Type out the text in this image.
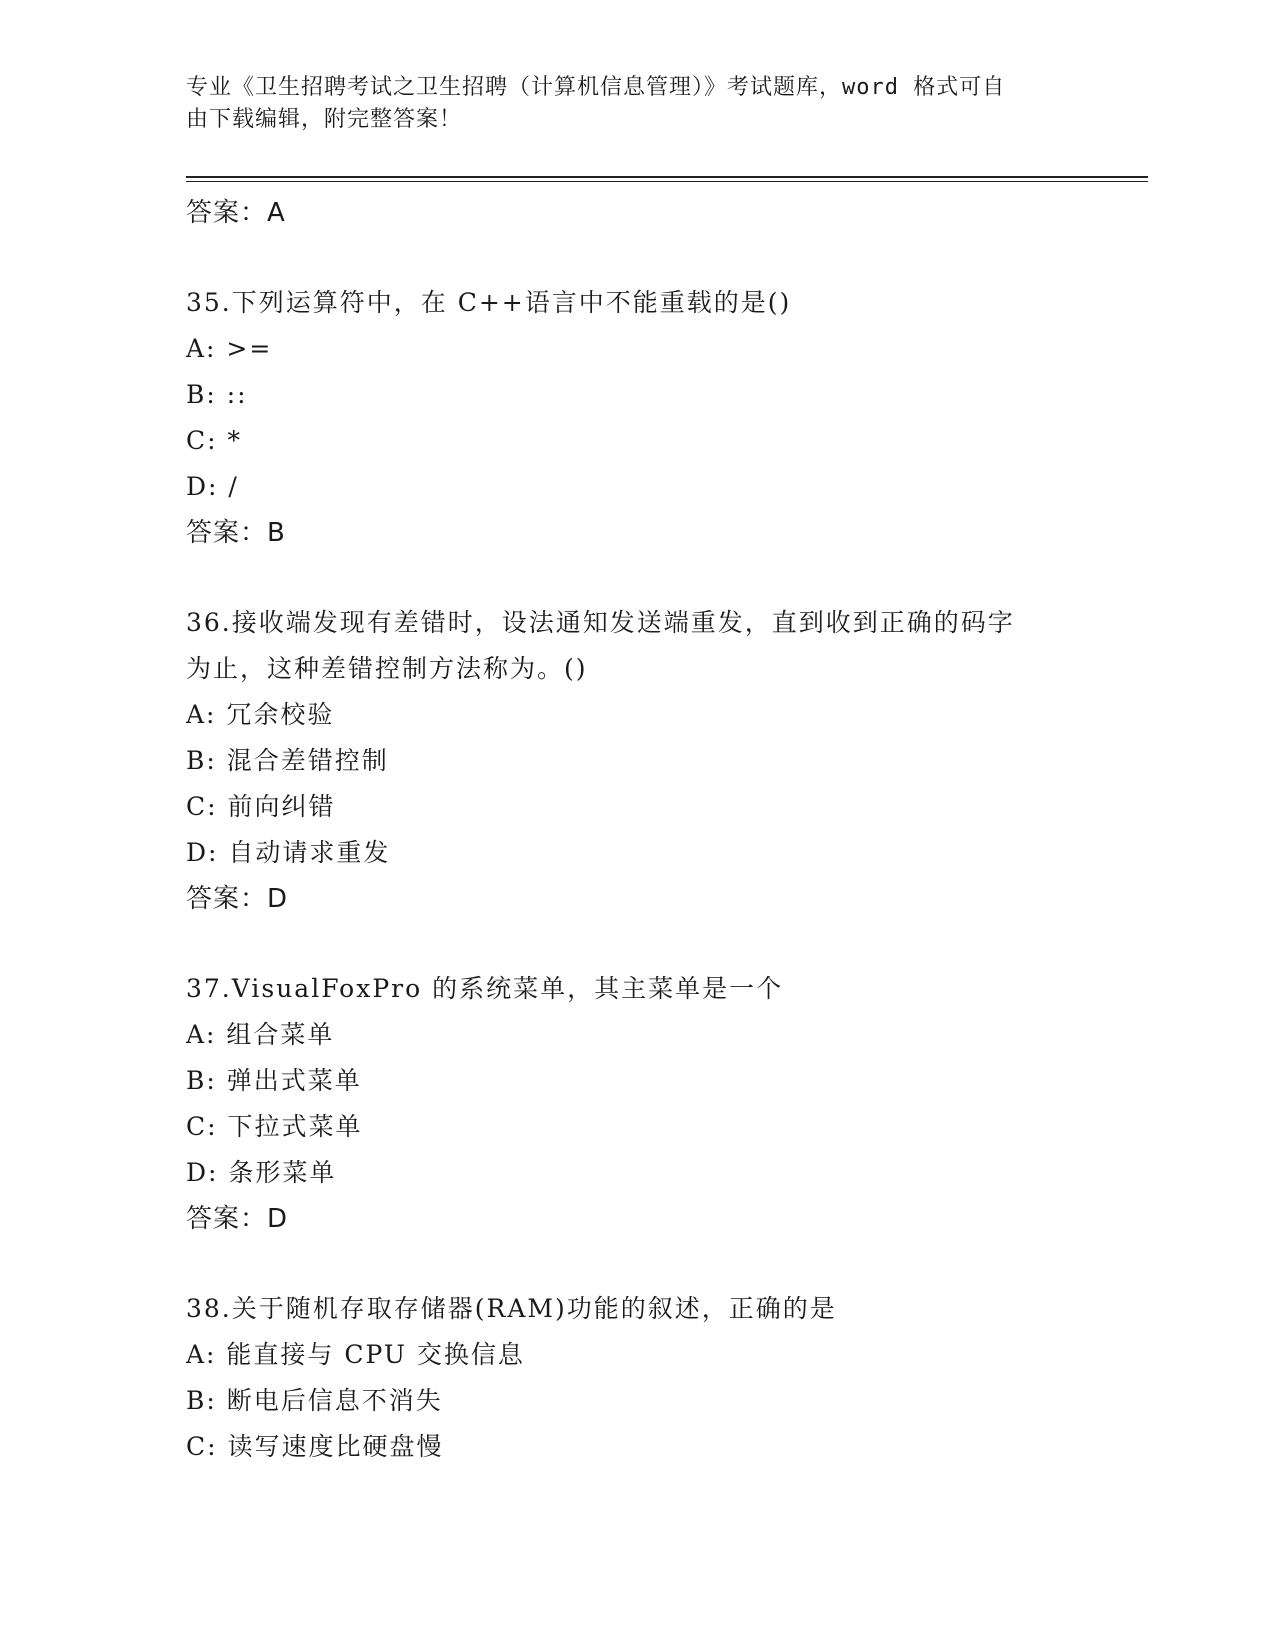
专业《卫生招聘考试之卫生招聘（计算机信息管理）》考试题库，word 格式可自
由下载编辑，附完整答案！
答案：A
35.下列运算符中，在 C++语言中不能重载的是()
A: >=
B: ::
C: *
D: /
答案：B
36.接收端发现有差错时，设法通知发送端重发，直到收到正确的码字
为止，这种差错控制方法称为。()
A: 冗余校验
B: 混合差错控制
C: 前向纠错
D: 自动请求重发
答案：D
37.VisualFoxPro 的系统菜单，其主菜单是一个
A: 组合菜单
B: 弹出式菜单
C: 下拉式菜单
D: 条形菜单
答案：D
38.关于随机存取存储器(RAM)功能的叙述，正确的是
A: 能直接与 CPU 交换信息
B: 断电后信息不消失
C: 读写速度比硬盘慢
